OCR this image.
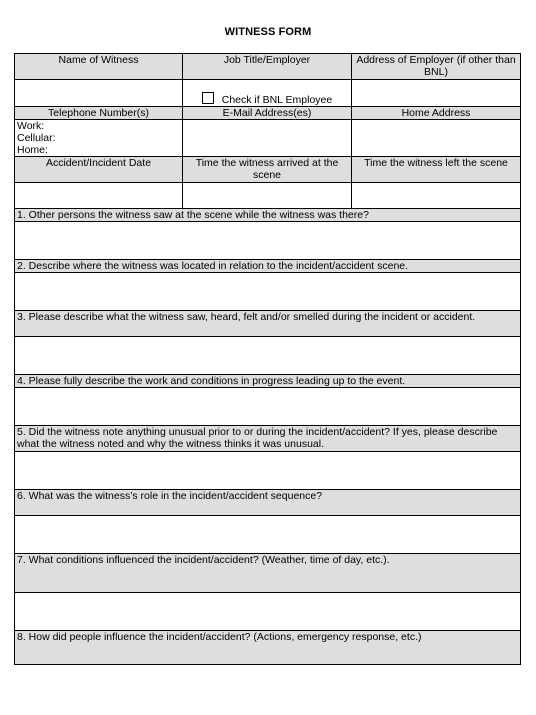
WITNESS FORM
Name of Witness	Job Title/Employer	Address of Employer (if other than BNL)
	Check if BNL Employee	
Telephone Number(s)	E-Mail Address(es)	Home Address

Work:
Cellular:
Home:		

Accident/Incident Date	Time the witness arrived at the scene	Time the witness left the scene

1. Other persons the witness saw at the scene while the witness was there?		

2. Describe where the witness was located in relation to the incident/accident scene.		

3. Please describe what the witness saw, heard, felt and/or smelled during the incident or accident.		

4. Please fully describe the work and conditions in progress leading up to the event.		

5. Did the witness note anything unusual prior to or during the incident/accident? If yes, please describe what the witness noted and why the witness thinks it was unusual.		

6. What was the witness’s role in the incident/accident sequence?		

7. What conditions influenced the incident/accident? (Weather, time of day, etc.).		

8. How did people influence the incident/accident? (Actions, emergency response, etc.)		
